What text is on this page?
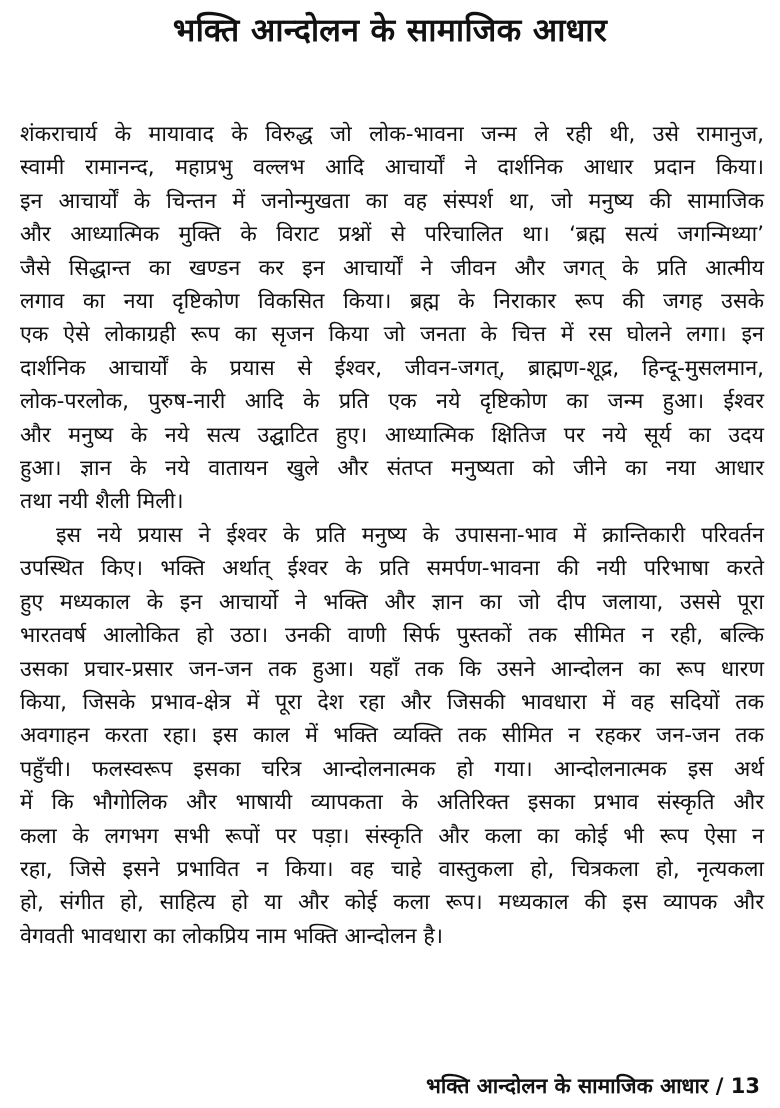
भक्ति आन्दोलन के सामाजिक आधार
शंकराचार्य के मायावाद के विरुद्ध जो लोक-भावना जन्म ले रही थी, उसे रामानुज,
स्वामी रामानन्द, महाप्रभु वल्लभ आदि आचार्यों ने दार्शनिक आधार प्रदान किया।
इन आचार्यों के चिन्तन में जनोन्मुखता का वह संस्पर्श था, जो मनुष्य की सामाजिक
और आध्यात्मिक मुक्ति के विराट प्रश्नों से परिचालित था। ‘ब्रह्म सत्यं जगन्मिथ्या’
जैसे सिद्धान्त का खण्डन कर इन आचार्यों ने जीवन और जगत् के प्रति आत्मीय
लगाव का नया दृष्टिकोण विकसित किया। ब्रह्म के निराकार रूप की जगह उसके
एक ऐसे लोकाग्रही रूप का सृजन किया जो जनता के चित्त में रस घोलने लगा। इन
दार्शनिक आचार्यों के प्रयास से ईश्वर, जीवन-जगत्, ब्राह्मण-शूद्र, हिन्दू-मुसलमान,
लोक-परलोक, पुरुष-नारी आदि के प्रति एक नये दृष्टिकोण का जन्म हुआ। ईश्वर
और मनुष्य के नये सत्य उद्घाटित हुए। आध्यात्मिक क्षितिज पर नये सूर्य का उदय
हुआ। ज्ञान के नये वातायन खुले और संतप्त मनुष्यता को जीने का नया आधार
तथा नयी शैली मिली।
इस नये प्रयास ने ईश्वर के प्रति मनुष्य के उपासना-भाव में क्रान्तिकारी परिवर्तन
उपस्थित किए। भक्ति अर्थात् ईश्वर के प्रति समर्पण-भावना की नयी परिभाषा करते
हुए मध्यकाल के इन आचार्यो ने भक्ति और ज्ञान का जो दीप जलाया, उससे पूरा
भारतवर्ष आलोकित हो उठा। उनकी वाणी सिर्फ पुस्तकों तक सीमित न रही, बल्कि
उसका प्रचार-प्रसार जन-जन तक हुआ। यहाँ तक कि उसने आन्दोलन का रूप धारण
किया, जिसके प्रभाव-क्षेत्र में पूरा देश रहा और जिसकी भावधारा में वह सदियों तक
अवगाहन करता रहा। इस काल में भक्ति व्यक्ति तक सीमित न रहकर जन-जन तक
पहुँची। फलस्वरूप इसका चरित्र आन्दोलनात्मक हो गया। आन्दोलनात्मक इस अर्थ
में कि भौगोलिक और भाषायी व्यापकता के अतिरिक्त इसका प्रभाव संस्कृति और
कला के लगभग सभी रूपों पर पड़ा। संस्कृति और कला का कोई भी रूप ऐसा न
रहा, जिसे इसने प्रभावित न किया। वह चाहे वास्तुकला हो, चित्रकला हो, नृत्यकला
हो, संगीत हो, साहित्य हो या और कोई कला रूप। मध्यकाल की इस व्यापक और
वेगवती भावधारा का लोकप्रिय नाम भक्ति आन्दोलन है।
भक्ति आन्दोलन के सामाजिक आधार / 13
